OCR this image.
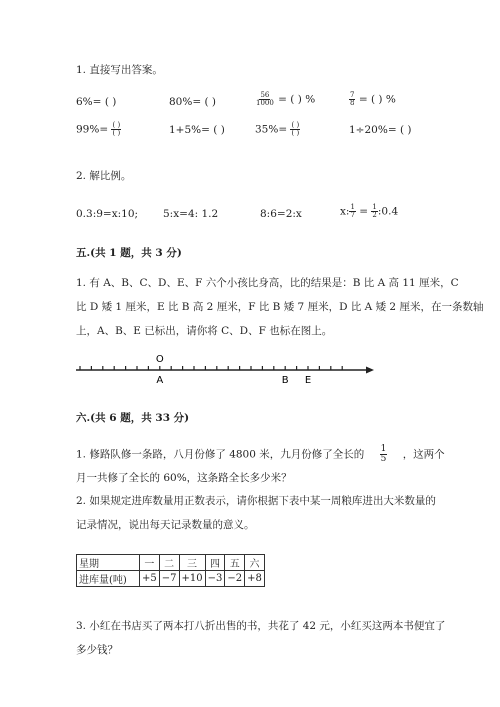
1. 直接写出答案。
6%= ( )	80%= ( )	$\frac{56}{1000}$ = ( ) %	$\frac{7}{8}$ = ( ) %
$99\%= \frac{( )}{( )}$	1+5%= ( )	$35\%= \frac{( )}{( )}$	1÷20%= ( )
2. 解比例。
0.3:9=x:10; 5:x=4: 1.2	8:6=2:x	x: $\frac{1}{7} = \frac{1}{2}$ :0.4
五.(共 1 题，共 3 分)
1. 有 A、B、C、D、E、F 六个小孩比身高，比的结果是：B 比 A 高 11 厘米，C
比 D 矮 1 厘米，E 比 B 高 2 厘米，F 比 B 矮 7 厘米，D 比 A 矮 2 厘米，在一条数轴
上，A、B、E 已标出，请你将 C、D、F 也标在图上。
O
A	B E
六.(共 6 题，共 33 分)
1. 修路队修一条路，八月份修了 4800 米，九月份修了全长的 $\frac{1}{5}$ ，这两个
月一共修了全长的 60%，这条路全长多少米？
2. 如果规定进库数量用正数表示，请你根据下表中某一周粮库进出大米数量的
记录情况，说出每天记录数量的意义。
星期	一	二	三	四	五	六
进库量(吨)	+5	−7	+10	−3	−2	+8
3. 小红在书店买了两本打八折出售的书，共花了 42 元，小红买这两本书便宜了
多少钱？
